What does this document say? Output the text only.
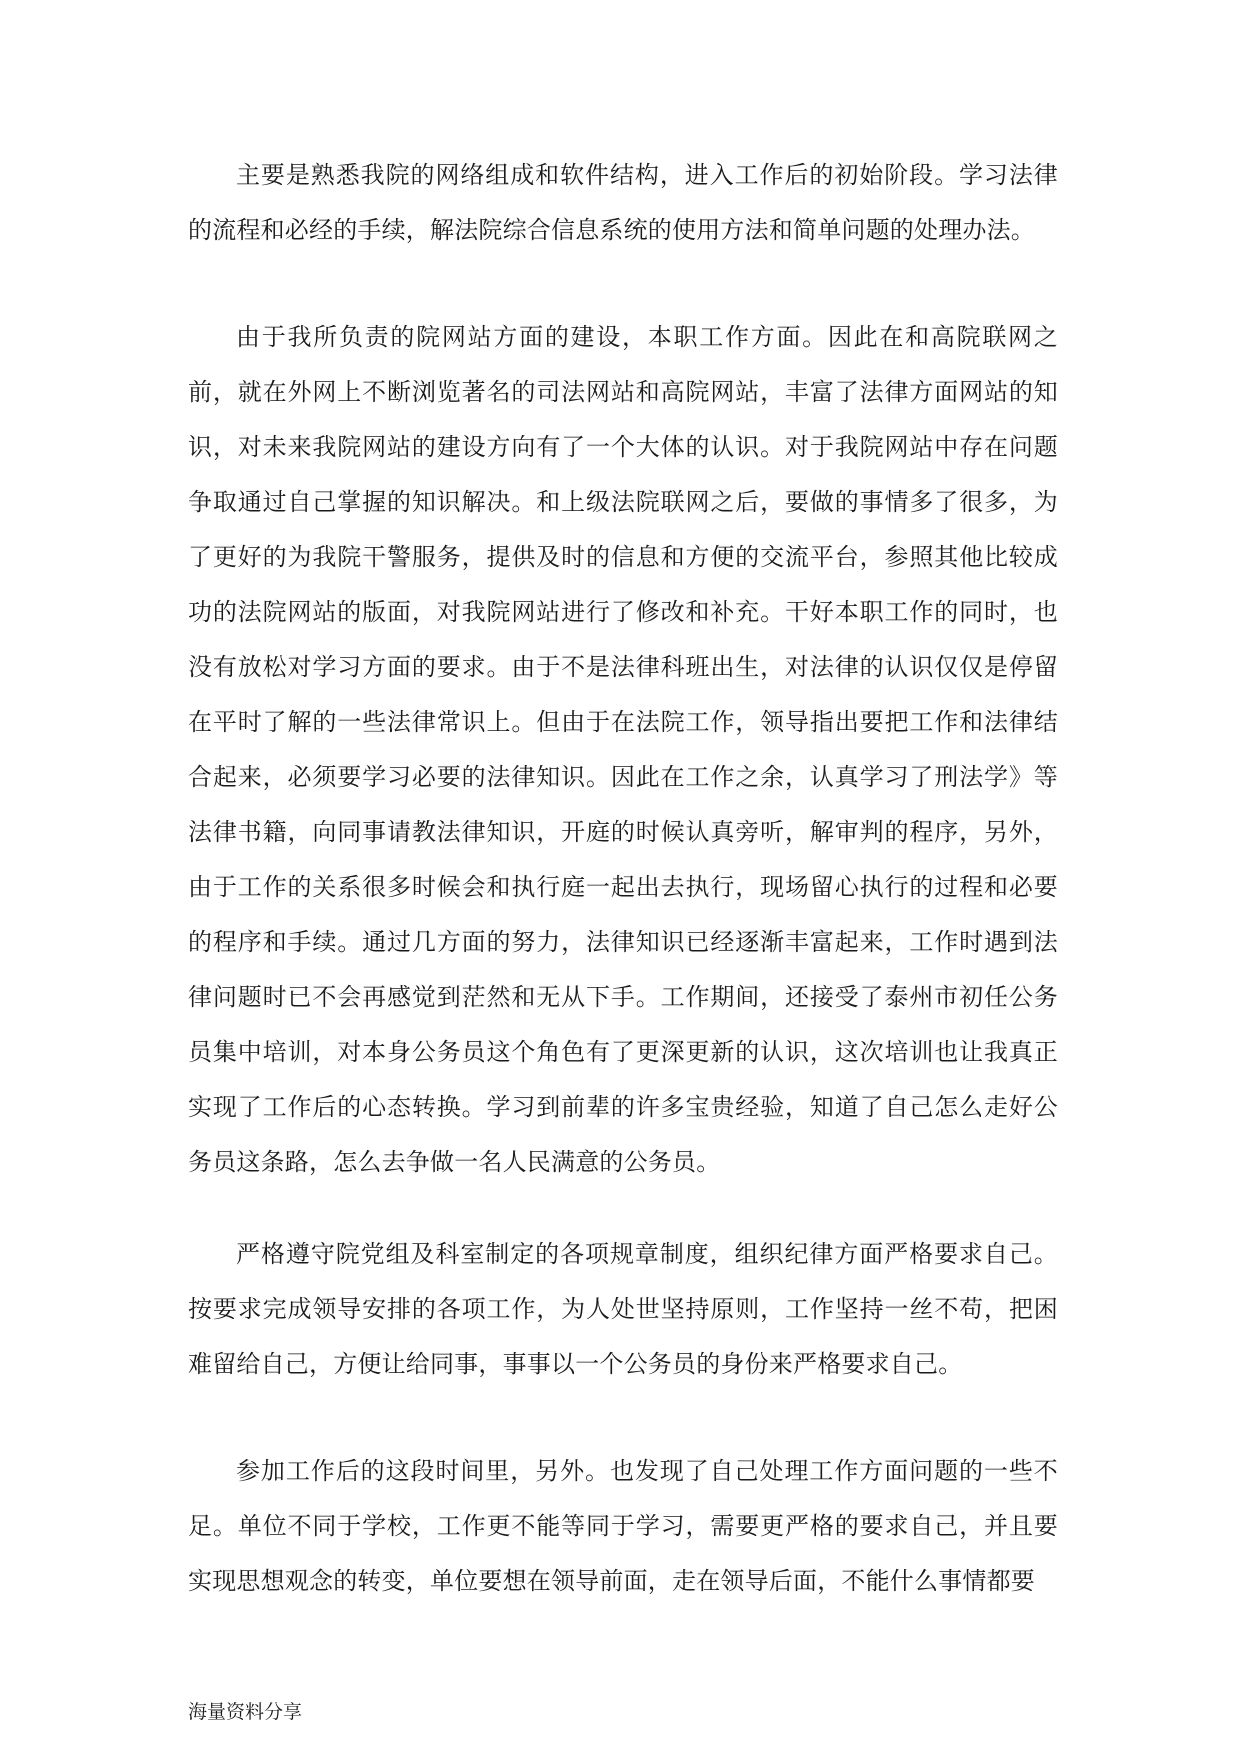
主要是熟悉我院的网络组成和软件结构，进入工作后的初始阶段。学习法律的流程和必经的手续，解法院综合信息系统的使用方法和简单问题的处理办法。

由于我所负责的院网站方面的建设，本职工作方面。因此在和高院联网之前，就在外网上不断浏览著名的司法网站和高院网站，丰富了法律方面网站的知识，对未来我院网站的建设方向有了一个大体的认识。对于我院网站中存在问题争取通过自己掌握的知识解决。和上级法院联网之后，要做的事情多了很多，为了更好的为我院干警服务，提供及时的信息和方便的交流平台，参照其他比较成功的法院网站的版面，对我院网站进行了修改和补充。干好本职工作的同时，也没有放松对学习方面的要求。由于不是法律科班出生，对法律的认识仅仅是停留在平时了解的一些法律常识上。但由于在法院工作，领导指出要把工作和法律结合起来，必须要学习必要的法律知识。因此在工作之余，认真学习了刑法学》等法律书籍，向同事请教法律知识，开庭的时候认真旁听，解审判的程序，另外，由于工作的关系很多时候会和执行庭一起出去执行，现场留心执行的过程和必要的程序和手续。通过几方面的努力，法律知识已经逐渐丰富起来，工作时遇到法律问题时已不会再感觉到茫然和无从下手。工作期间，还接受了泰州市初任公务员集中培训，对本身公务员这个角色有了更深更新的认识，这次培训也让我真正实现了工作后的心态转换。学习到前辈的许多宝贵经验，知道了自己怎么走好公务员这条路，怎么去争做一名人民满意的公务员。

严格遵守院党组及科室制定的各项规章制度，组织纪律方面严格要求自己。按要求完成领导安排的各项工作，为人处世坚持原则，工作坚持一丝不苟，把困难留给自己，方便让给同事，事事以一个公务员的身份来严格要求自己。

参加工作后的这段时间里，另外。也发现了自己处理工作方面问题的一些不足。单位不同于学校，工作更不能等同于学习，需要更严格的要求自己，并且要实现思想观念的转变，单位要想在领导前面，走在领导后面，不能什么事情都要

海量资料分享
